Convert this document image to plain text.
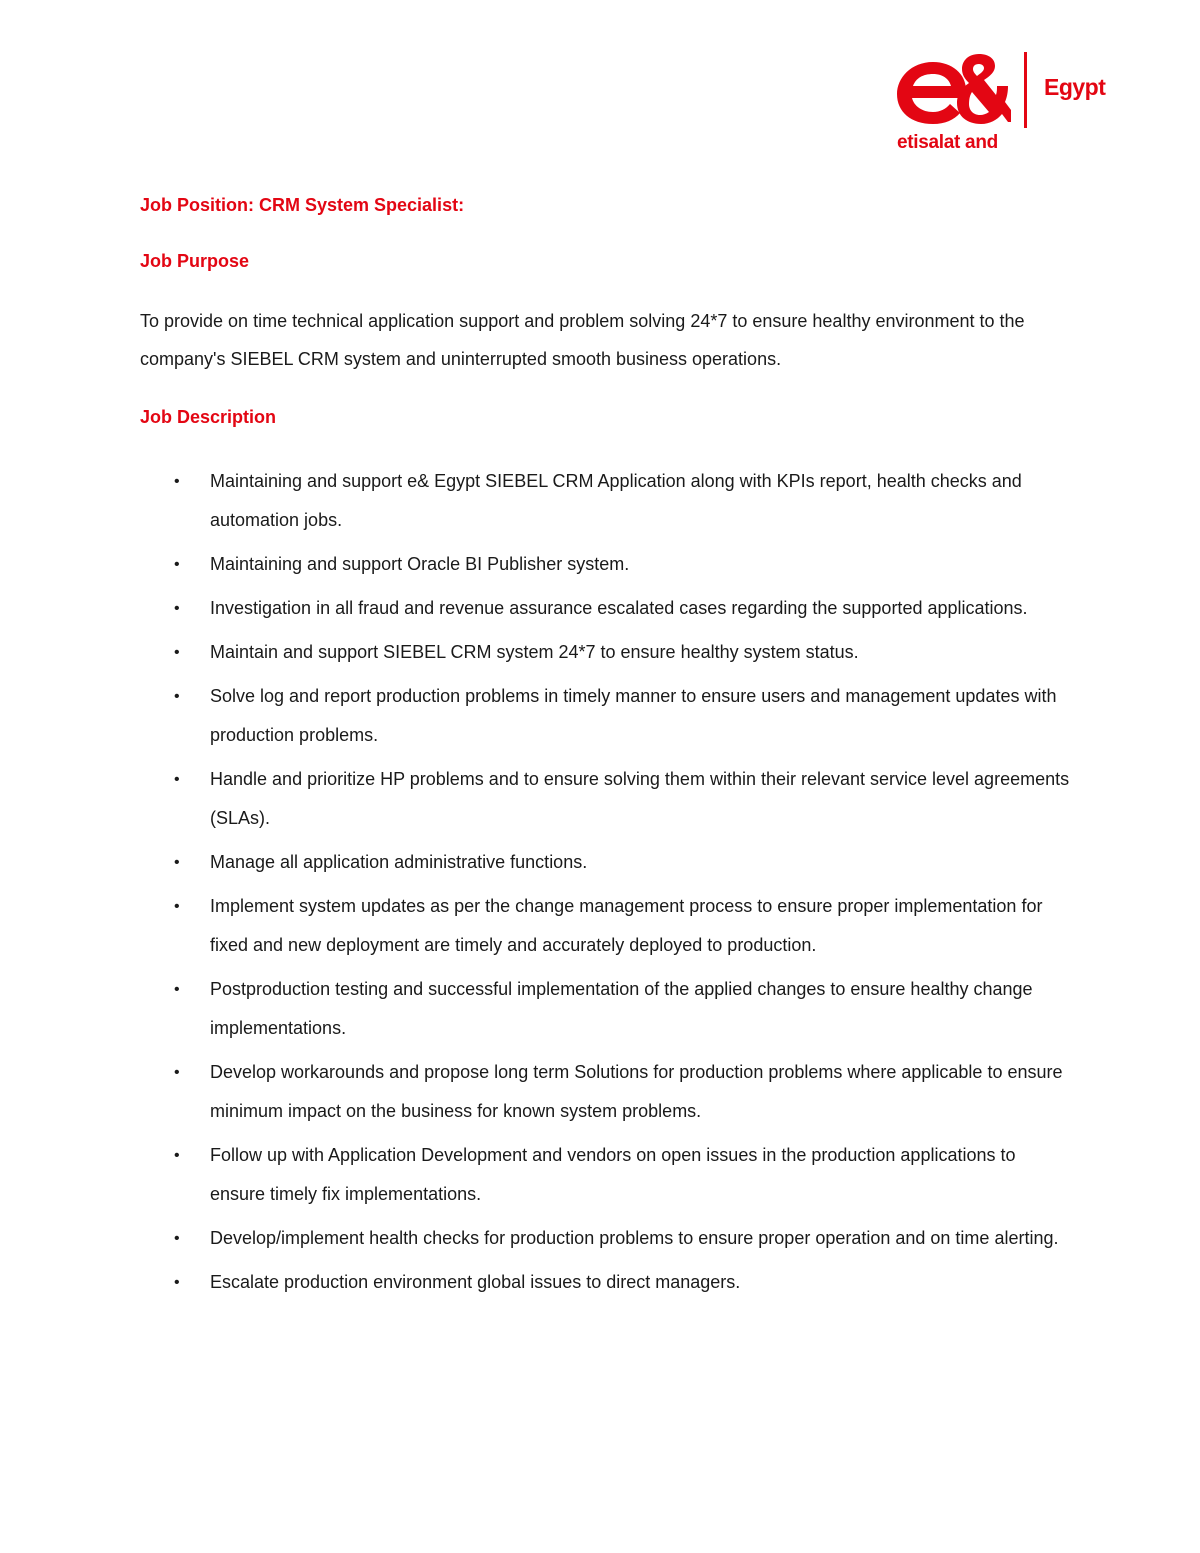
Egypt
etisalat and
Job Position: CRM System Specialist:
Job Purpose

To provide on time technical application support and problem solving 24*7 to ensure healthy environment to the company's SIEBEL CRM system and uninterrupted smooth business operations.

Job Description
• Maintaining and support e& Egypt SIEBEL CRM Application along with KPIs report, health checks and automation jobs.
• Maintaining and support Oracle BI Publisher system.
• Investigation in all fraud and revenue assurance escalated cases regarding the supported applications.
• Maintain and support SIEBEL CRM system 24*7 to ensure healthy system status.
• Solve log and report production problems in timely manner to ensure users and management updates with production problems.
• Handle and prioritize HP problems and to ensure solving them within their relevant service level agreements (SLAs).
• Manage all application administrative functions.
• Implement system updates as per the change management process to ensure proper implementation for fixed and new deployment are timely and accurately deployed to production.
• Postproduction testing and successful implementation of the applied changes to ensure healthy change implementations.
• Develop workarounds and propose long term Solutions for production problems where applicable to ensure minimum impact on the business for known system problems.
• Follow up with Application Development and vendors on open issues in the production applications to ensure timely fix implementations.
• Develop/implement health checks for production problems to ensure proper operation and on time alerting.
• Escalate production environment global issues to direct managers.
